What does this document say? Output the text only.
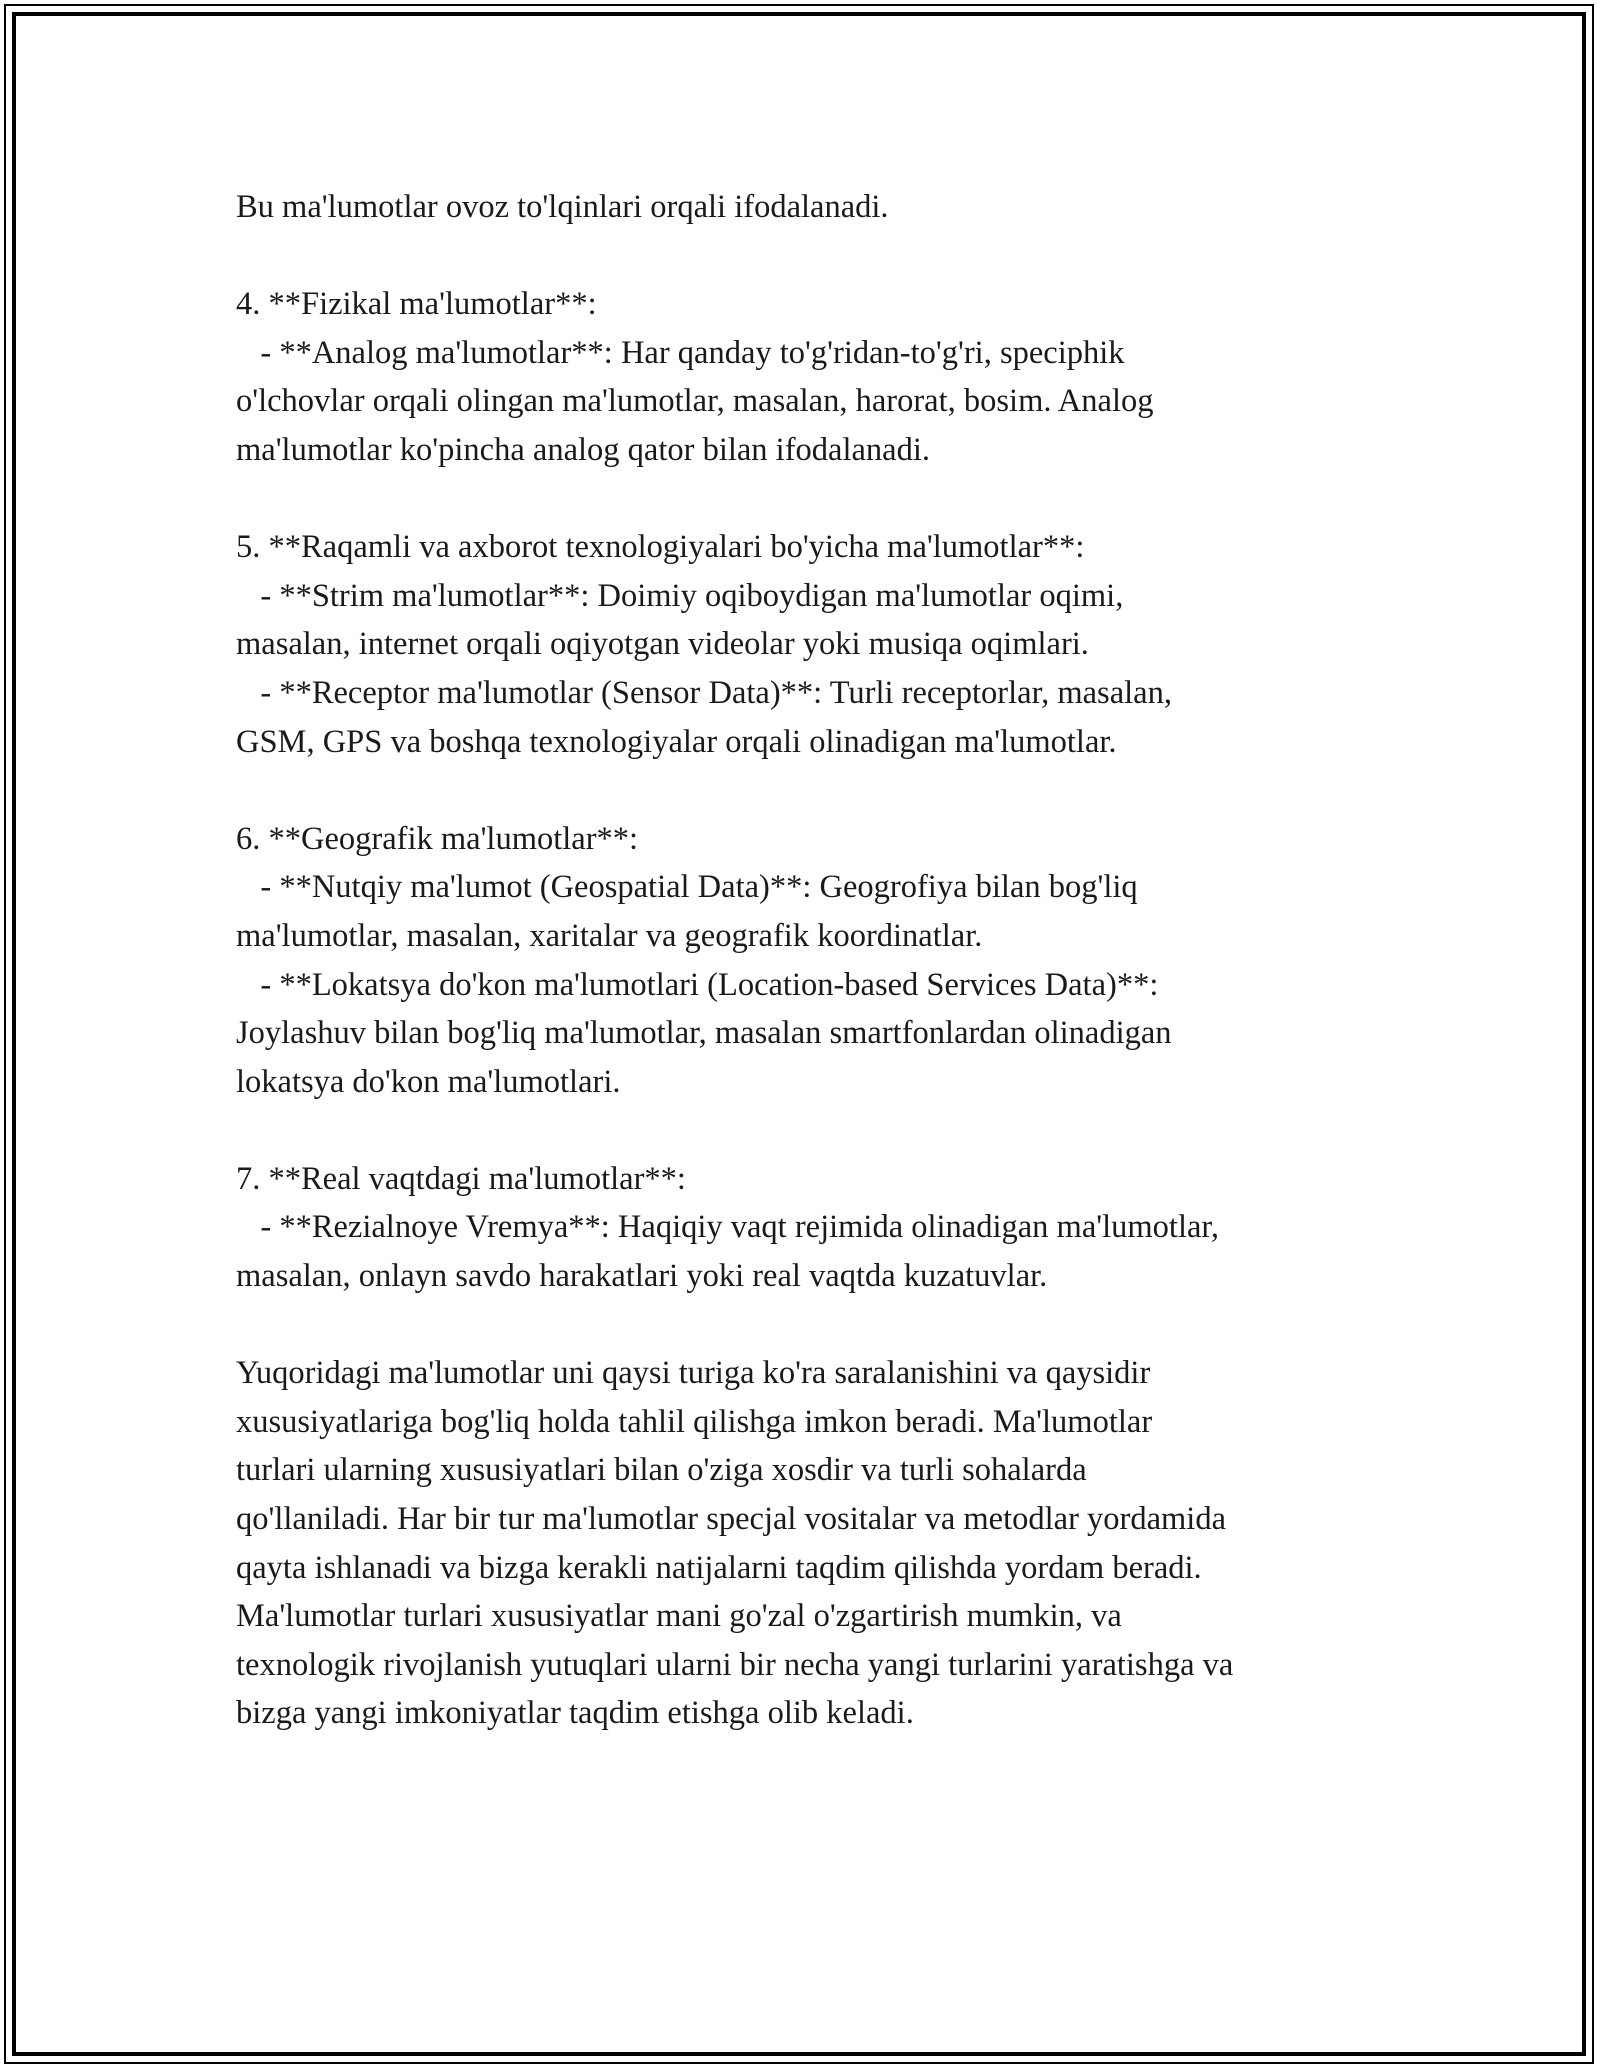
Bu ma'lumotlar ovoz to'lqinlari orqali ifodalanadi.
4. **Fizikal ma'lumotlar**:
- **Analog ma'lumotlar**: Har qanday to'g'ridan-to'g'ri, speciphik
o'lchovlar orqali olingan ma'lumotlar, masalan, harorat, bosim. Analog
ma'lumotlar ko'pincha analog qator bilan ifodalanadi.
5. **Raqamli va axborot texnologiyalari bo'yicha ma'lumotlar**:
- **Strim ma'lumotlar**: Doimiy oqiboydigan ma'lumotlar oqimi,
masalan, internet orqali oqiyotgan videolar yoki musiqa oqimlari.
- **Receptor ma'lumotlar (Sensor Data)**: Turli receptorlar, masalan,
GSM, GPS va boshqa texnologiyalar orqali olinadigan ma'lumotlar.
6. **Geografik ma'lumotlar**:
- **Nutqiy ma'lumot (Geospatial Data)**: Geogrofiya bilan bog'liq
ma'lumotlar, masalan, xaritalar va geografik koordinatlar.
- **Lokatsya do'kon ma'lumotlari (Location-based Services Data)**:
Joylashuv bilan bog'liq ma'lumotlar, masalan smartfonlardan olinadigan
lokatsya do'kon ma'lumotlari.
7. **Real vaqtdagi ma'lumotlar**:
- **Rezialnoye Vremya**: Haqiqiy vaqt rejimida olinadigan ma'lumotlar,
masalan, onlayn savdo harakatlari yoki real vaqtda kuzatuvlar.
Yuqoridagi ma'lumotlar uni qaysi turiga ko'ra saralanishini va qaysidir
xususiyatlariga bog'liq holda tahlil qilishga imkon beradi. Ma'lumotlar
turlari ularning xususiyatlari bilan o'ziga xosdir va turli sohalarda
qo'llaniladi. Har bir tur ma'lumotlar specjal vositalar va metodlar yordamida
qayta ishlanadi va bizga kerakli natijalarni taqdim qilishda yordam beradi.
Ma'lumotlar turlari xususiyatlar mani go'zal o'zgartirish mumkin, va
texnologik rivojlanish yutuqlari ularni bir necha yangi turlarini yaratishga va
bizga yangi imkoniyatlar taqdim etishga olib keladi.
